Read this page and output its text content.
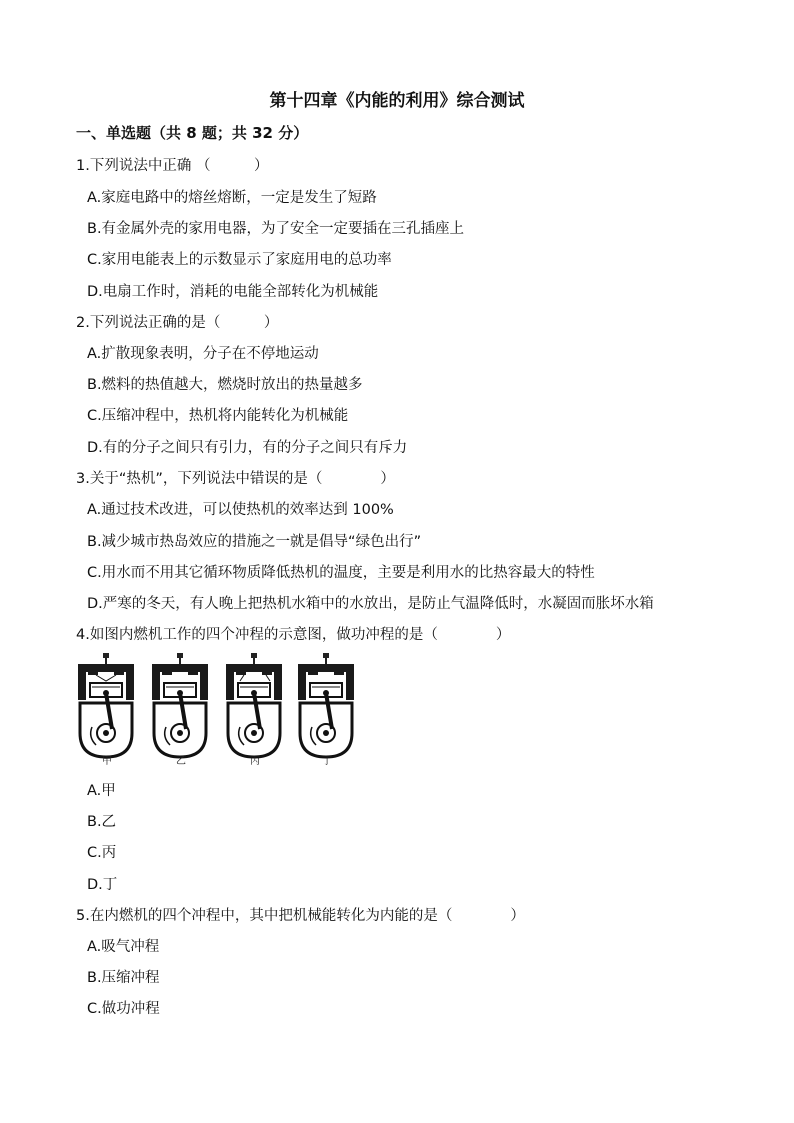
第十四章《内能的利用》综合测试
一、单选题（共 8 题；共 32 分）
1.下列说法中正确 （　　　）
A.家庭电路中的熔丝熔断，一定是发生了短路
B.有金属外壳的家用电器，为了安全一定要插在三孔插座上
C.家用电能表上的示数显示了家庭用电的总功率
D.电扇工作时，消耗的电能全部转化为机械能
2.下列说法正确的是（　　　）
A.扩散现象表明，分子在不停地运动
B.燃料的热值越大，燃烧时放出的热量越多
C.压缩冲程中，热机将内能转化为机械能
D.有的分子之间只有引力，有的分子之间只有斥力
3.关于“热机”，下列说法中错误的是（　　　　）
A.通过技术改进，可以使热机的效率达到 100%
B.减少城市热岛效应的措施之一就是倡导“绿色出行”
C.用水而不用其它循环物质降低热机的温度，主要是利用水的比热容最大的特性
D.严寒的冬天，有人晚上把热机水箱中的水放出，是防止气温降低时，水凝固而胀坏水箱
4.如图内燃机工作的四个冲程的示意图，做功冲程的是（　　　　）
甲	乙	丙	丁
A.甲
B.乙
C.丙
D.丁
5.在内燃机的四个冲程中，其中把机械能转化为内能的是（　　　　）
A.吸气冲程
B.压缩冲程
C.做功冲程
